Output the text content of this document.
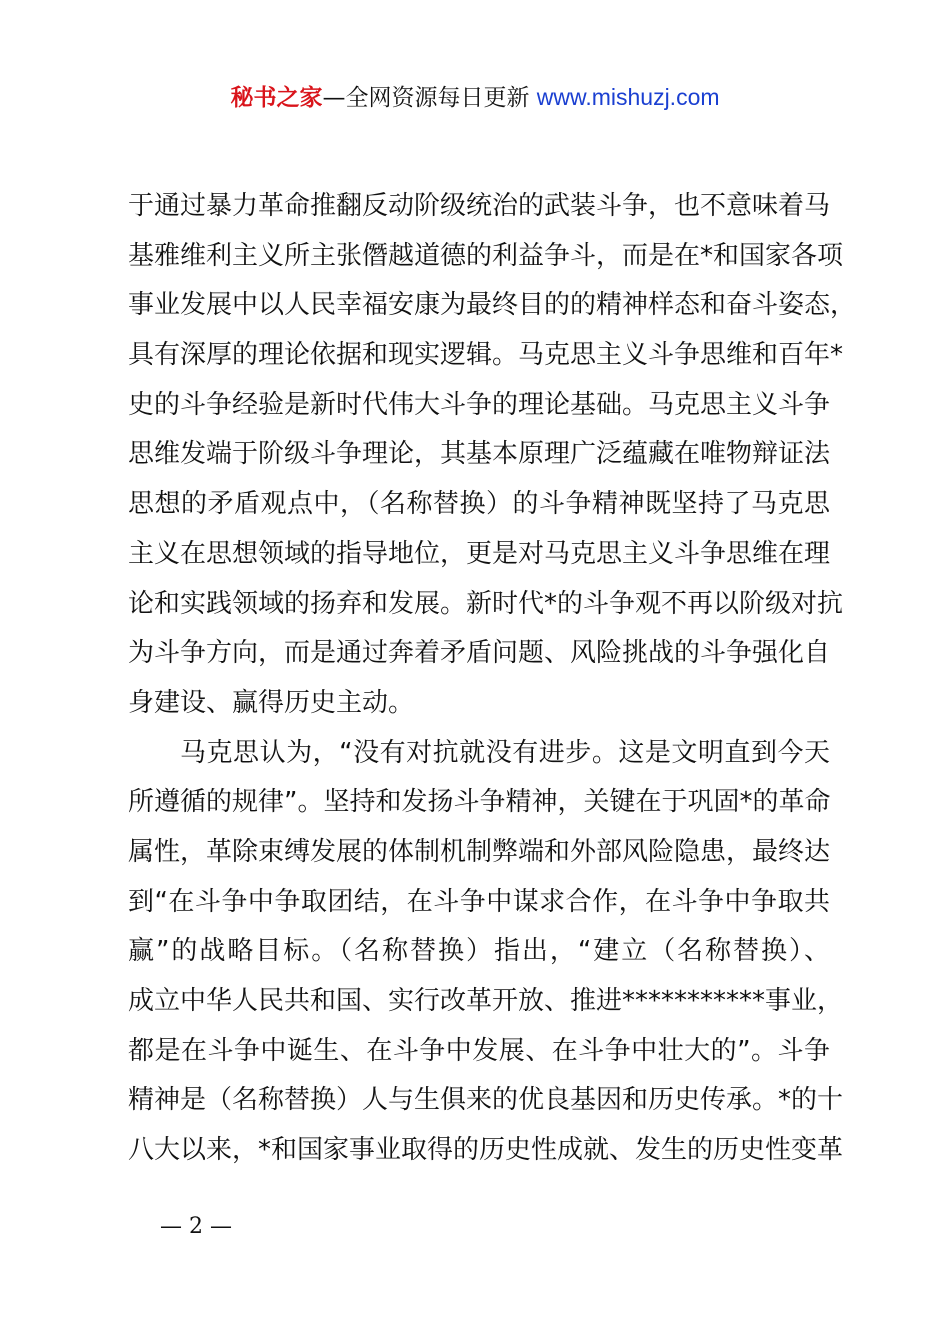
秘书之家—全网资源每日更新 www.mishuzj.com
于通过暴力革命推翻反动阶级统治的武装斗争，也不意味着马
基雅维利主义所主张僭越道德的利益争斗，而是在*和国家各项
事业发展中以人民幸福安康为最终目的的精神样态和奋斗姿态，
具有深厚的理论依据和现实逻辑。马克思主义斗争思维和百年*
史的斗争经验是新时代伟大斗争的理论基础。马克思主义斗争
思维发端于阶级斗争理论，其基本原理广泛蕴藏在唯物辩证法
思想的矛盾观点中，（名称替换）的斗争精神既坚持了马克思
主义在思想领域的指导地位，更是对马克思主义斗争思维在理
论和实践领域的扬弃和发展。新时代*的斗争观不再以阶级对抗
为斗争方向，而是通过奔着矛盾问题、风险挑战的斗争强化自
身建设、赢得历史主动。
马克思认为，“没有对抗就没有进步。这是文明直到今天
所遵循的规律”。坚持和发扬斗争精神，关键在于巩固*的革命
属性，革除束缚发展的体制机制弊端和外部风险隐患，最终达
到“在斗争中争取团结，在斗争中谋求合作，在斗争中争取共
赢”的战略目标。（名称替换）指出，“建立（名称替换）、
成立中华人民共和国、实行改革开放、推进***********事业，
都是在斗争中诞生、在斗争中发展、在斗争中壮大的”。斗争
精神是（名称替换）人与生俱来的优良基因和历史传承。*的十
八大以来，*和国家事业取得的历史性成就、发生的历史性变革
— 2 —
